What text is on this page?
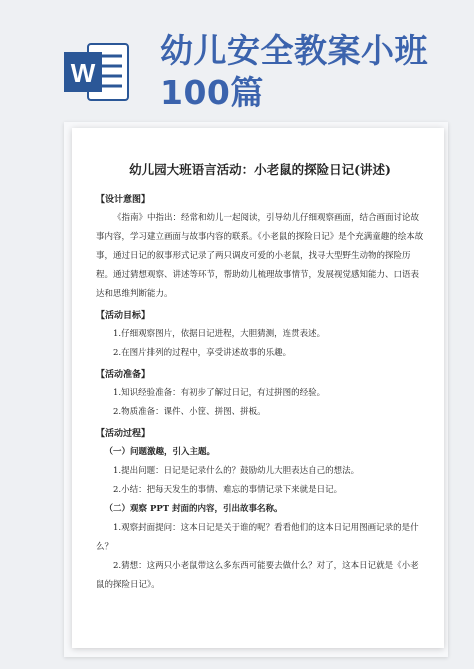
W
幼儿安全教案小班100篇
幼儿园大班语言活动：小老鼠的探险日记(讲述)
【设计意图】

《指南》中指出：经常和幼儿一起阅读，引导幼儿仔细观察画面，结合画面讨论故事内容，学习建立画面与故事内容的联系。《小老鼠的探险日记》是个充满童趣的绘本故事，通过日记的叙事形式记录了两只调皮可爱的小老鼠，找寻大型野生动物的探险历程。通过猜想观察、讲述等环节，帮助幼儿梳理故事情节，发展视觉感知能力、口语表达和思维判断能力。

【活动目标】

1.仔细观察图片，依据日记进程，大胆猜测，连贯表述。

2.在图片排列的过程中，享受讲述故事的乐趣。

【活动准备】

1.知识经验准备：有初步了解过日记，有过拼图的经验。

2.物质准备：课件、小筐、拼图、拼板。

【活动过程】

（一）问题激趣，引入主题。

1.提出问题：日记是记录什么的？鼓励幼儿大胆表达自己的想法。

2.小结：把每天发生的事情、难忘的事情记录下来就是日记。

（二）观察 PPT 封面的内容，引出故事名称。

1.观察封面提问：这本日记是关于谁的呢？看看他们的这本日记用图画记录的是什么？

2.猜想：这两只小老鼠带这么多东西可能要去做什么？对了，这本日记就是《小老鼠的探险日记》。
